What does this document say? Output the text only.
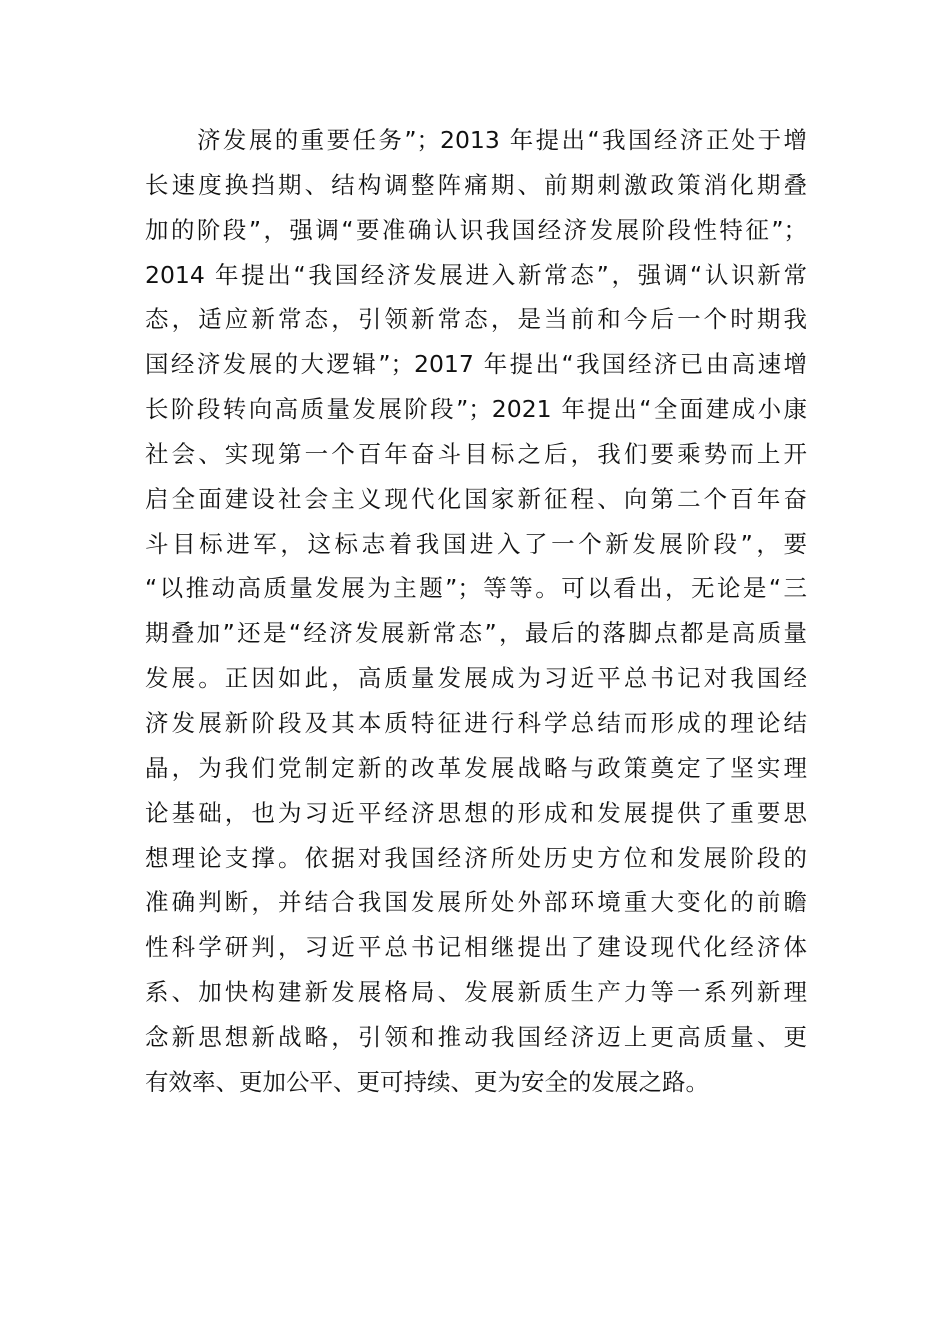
济发展的重要任务”；2013 年提出“我国经济正处于增
长速度换挡期、结构调整阵痛期、前期刺激政策消化期叠
加的阶段”，强调“要准确认识我国经济发展阶段性特征”；
2014 年提出“我国经济发展进入新常态”，强调“认识新常
态，适应新常态，引领新常态，是当前和今后一个时期我
国经济发展的大逻辑”；2017 年提出“我国经济已由高速增
长阶段转向高质量发展阶段”；2021 年提出“全面建成小康
社会、实现第一个百年奋斗目标之后，我们要乘势而上开
启全面建设社会主义现代化国家新征程、向第二个百年奋
斗目标进军，这标志着我国进入了一个新发展阶段”，要
“以推动高质量发展为主题”；等等。可以看出，无论是“三
期叠加”还是“经济发展新常态”，最后的落脚点都是高质量
发展。正因如此，高质量发展成为习近平总书记对我国经
济发展新阶段及其本质特征进行科学总结而形成的理论结
晶，为我们党制定新的改革发展战略与政策奠定了坚实理
论基础，也为习近平经济思想的形成和发展提供了重要思
想理论支撑。依据对我国经济所处历史方位和发展阶段的
准确判断，并结合我国发展所处外部环境重大变化的前瞻
性科学研判，习近平总书记相继提出了建设现代化经济体
系、加快构建新发展格局、发展新质生产力等一系列新理
念新思想新战略，引领和推动我国经济迈上更高质量、更
有效率、更加公平、更可持续、更为安全的发展之路。
